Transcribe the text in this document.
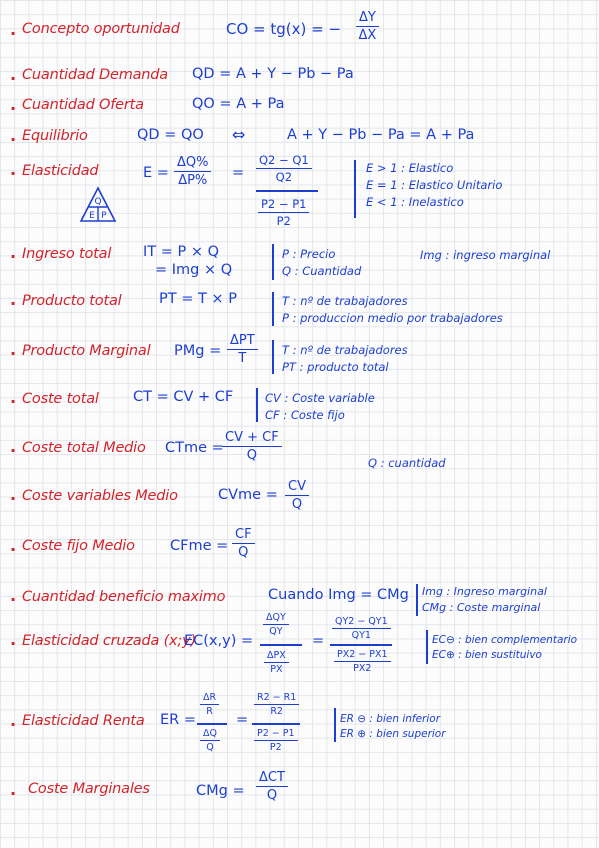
. Concepto oportunidad	CO = tg(x) = − $\frac{\Delta Y}{\Delta X}$
. Cuantidad Demanda QD = A + Y − Pb − Pa
. Cuantidad Oferta	QO = A + Pa
. Equilibrio	QD = QO ⇔	A + Y − Pb − Pa = A + Pa
. Elasticidad	$E = \frac{\Delta Q\%}{\Delta P\%} = \frac{Q2 - Q1}{Q2}$
$\frac{P2 - P1}{P2}$
E > 1 : Elastico
E = 1 : Elastico Unitario
E < 1 : Inelastico
Q
E P
. Ingreso total IT = P × Q
= Img × Q
P : Precio
Q : Cuantidad
Img : ingreso marginal
. Producto total	PT = T × P	T : nº de trabajadores
P : produccion medio por trabajadores
. Producto Marginal PMg =
ΔPT
T
T : nº de trabajadores
PT : producto total
. Coste total CT = CV + CF	CV : Coste variable
CF : Coste fijo
. Coste total Medio CTme =
$\frac{CV + CF}{Q}$	Q : cuantidad
. Coste variables Medio	CVme = $\frac{CV}{Q}$
. Coste fijo Medio CFme = $\frac{CF}{Q}$
. Cuantidad beneficio maximo	Cuando Img = CMg Img : Ingreso marginal
CMg : Coste marginal
. Elasticidad cruzada (x;y)
EC(x,y) =
ΔQY
QY
ΔPX
PX
= $\frac{QY2 - QY1}{QY1}$
$\frac{PX2 - PX1}{PX2}$
EC⊖ : bien complementario
EC⊕ : bien sustituivo
. Elasticidad Renta ER =
$\frac{\Delta R}{R}$
$\frac{\Delta Q}{Q}$
=
$\frac{R2 - R1}{R2}$
$\frac{P2 - P1}{P2}$
ER ⊖ : bien inferior
ER ⊕ : bien superior
. Coste Marginales	CMg =
ΔCT
Q
